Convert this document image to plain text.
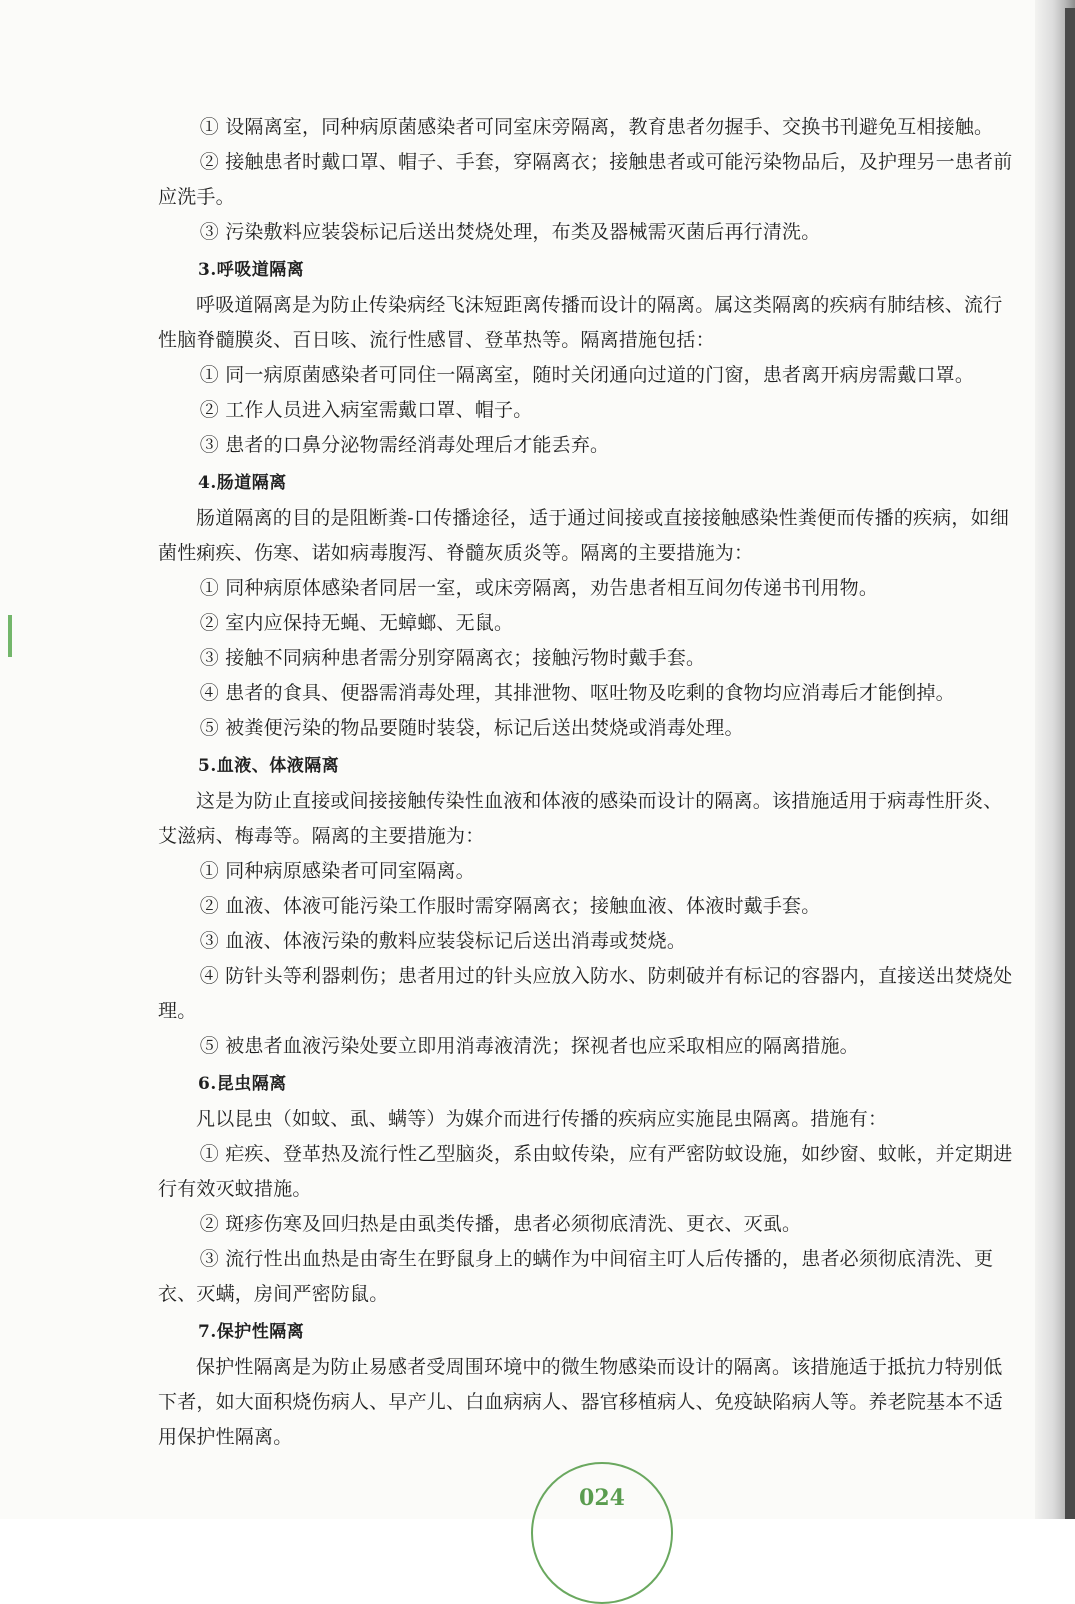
① 设隔离室，同种病原菌感染者可同室床旁隔离，教育患者勿握手、交换书刊避免互相接触。

② 接触患者时戴口罩、帽子、手套，穿隔离衣；接触患者或可能污染物品后，及护理另一患者前应洗手。

③ 污染敷料应装袋标记后送出焚烧处理，布类及器械需灭菌后再行清洗。

3.呼吸道隔离

呼吸道隔离是为防止传染病经飞沫短距离传播而设计的隔离。属这类隔离的疾病有肺结核、流行性脑脊髓膜炎、百日咳、流行性感冒、登革热等。隔离措施包括：

① 同一病原菌感染者可同住一隔离室，随时关闭通向过道的门窗，患者离开病房需戴口罩。

② 工作人员进入病室需戴口罩、帽子。

③ 患者的口鼻分泌物需经消毒处理后才能丢弃。

4.肠道隔离

肠道隔离的目的是阻断粪-口传播途径，适于通过间接或直接接触感染性粪便而传播的疾病，如细菌性痢疾、伤寒、诺如病毒腹泻、脊髓灰质炎等。隔离的主要措施为：

① 同种病原体感染者同居一室，或床旁隔离，劝告患者相互间勿传递书刊用物。

② 室内应保持无蝇、无蟑螂、无鼠。

③ 接触不同病种患者需分别穿隔离衣；接触污物时戴手套。

④ 患者的食具、便器需消毒处理，其排泄物、呕吐物及吃剩的食物均应消毒后才能倒掉。

⑤ 被粪便污染的物品要随时装袋，标记后送出焚烧或消毒处理。

5.血液、体液隔离

这是为防止直接或间接接触传染性血液和体液的感染而设计的隔离。该措施适用于病毒性肝炎、艾滋病、梅毒等。隔离的主要措施为：

① 同种病原感染者可同室隔离。

② 血液、体液可能污染工作服时需穿隔离衣；接触血液、体液时戴手套。

③ 血液、体液污染的敷料应装袋标记后送出消毒或焚烧。

④ 防针头等利器刺伤；患者用过的针头应放入防水、防刺破并有标记的容器内，直接送出焚烧处理。

⑤ 被患者血液污染处要立即用消毒液清洗；探视者也应采取相应的隔离措施。

6.昆虫隔离

凡以昆虫（如蚊、虱、螨等）为媒介而进行传播的疾病应实施昆虫隔离。措施有：

① 疟疾、登革热及流行性乙型脑炎，系由蚊传染，应有严密防蚊设施，如纱窗、蚊帐，并定期进行有效灭蚊措施。

② 斑疹伤寒及回归热是由虱类传播，患者必须彻底清洗、更衣、灭虱。

③ 流行性出血热是由寄生在野鼠身上的螨作为中间宿主叮人后传播的，患者必须彻底清洗、更衣、灭螨，房间严密防鼠。

7.保护性隔离

保护性隔离是为防止易感者受周围环境中的微生物感染而设计的隔离。该措施适于抵抗力特别低下者，如大面积烧伤病人、早产儿、白血病病人、器官移植病人、免疫缺陷病人等。养老院基本不适用保护性隔离。

024
